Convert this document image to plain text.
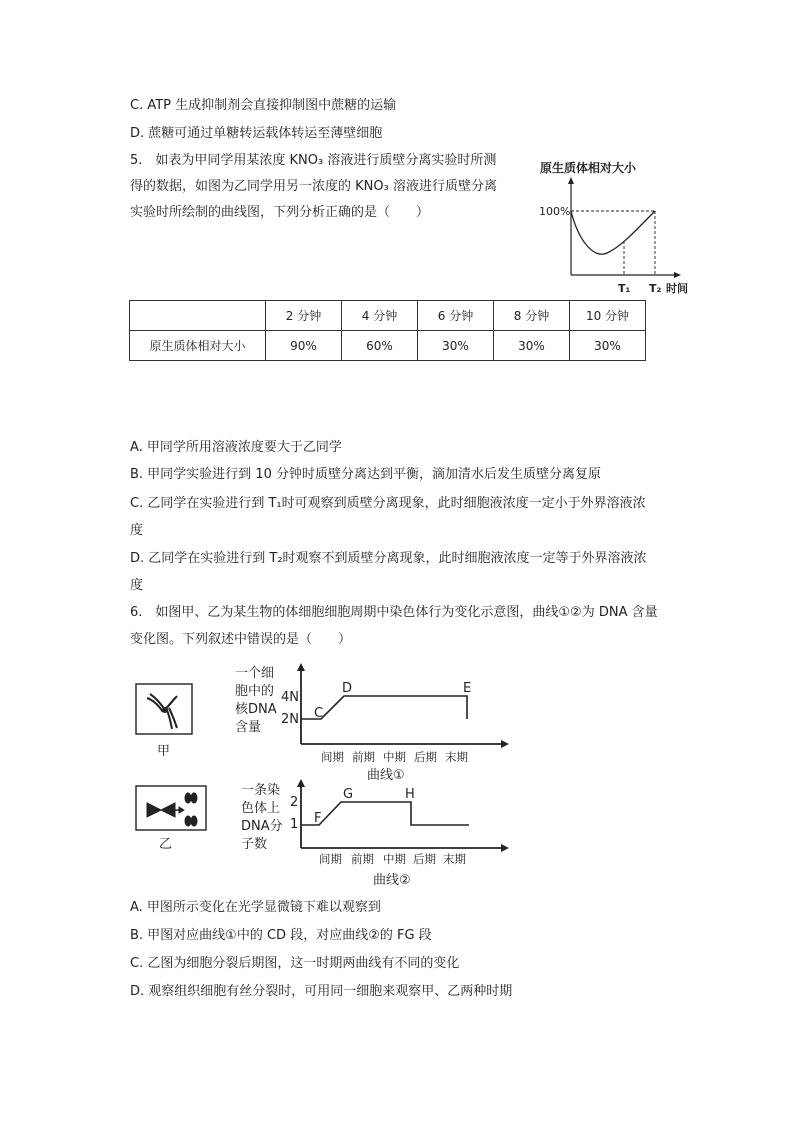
C. ATP 生成抑制剂会直接抑制图中蔗糖的运输
D. 蔗糖可通过单糖转运载体转运至薄壁细胞
5.　如表为甲同学用某浓度 KNO₃ 溶液进行质壁分离实验时所测
得的数据，如图为乙同学用另一浓度的 KNO₃ 溶液进行质壁分离
实验时所绘制的曲线图，下列分析正确的是（　　）
原生质体相对大小
100%
T₁ T₂ 时间
	2 分钟	4 分钟	6 分钟	8 分钟	10 分钟
原生质体相对大小	90%	60%	30%	30%	30%
A. 甲同学所用溶液浓度要大于乙同学
B. 甲同学实验进行到 10 分钟时质壁分离达到平衡，滴加清水后发生质壁分离复原
C. 乙同学在实验进行到 T₁时可观察到质壁分离现象，此时细胞液浓度一定小于外界溶液浓
度
D. 乙同学在实验进行到 T₂时观察不到质壁分离现象，此时细胞液浓度一定等于外界溶液浓
度
6.　如图甲、乙为某生物的体细胞细胞周期中染色体行为变化示意图，曲线①②为 DNA 含量
变化图。下列叙述中错误的是（　　）
甲
乙
一个细
胞中的
核DNA
含量
4N
2N C
D	E
间期 前期 中期 后期 末期
曲线①
一条染
色体上
DNA分
子数
2
1 F
G	H
间期 前期 中期 后期 末期
曲线②
A. 甲图所示变化在光学显微镜下难以观察到
B. 甲图对应曲线①中的 CD 段，对应曲线②的 FG 段
C. 乙图为细胞分裂后期图，这一时期两曲线有不同的变化
D. 观察组织细胞有丝分裂时，可用同一细胞来观察甲、乙两种时期
